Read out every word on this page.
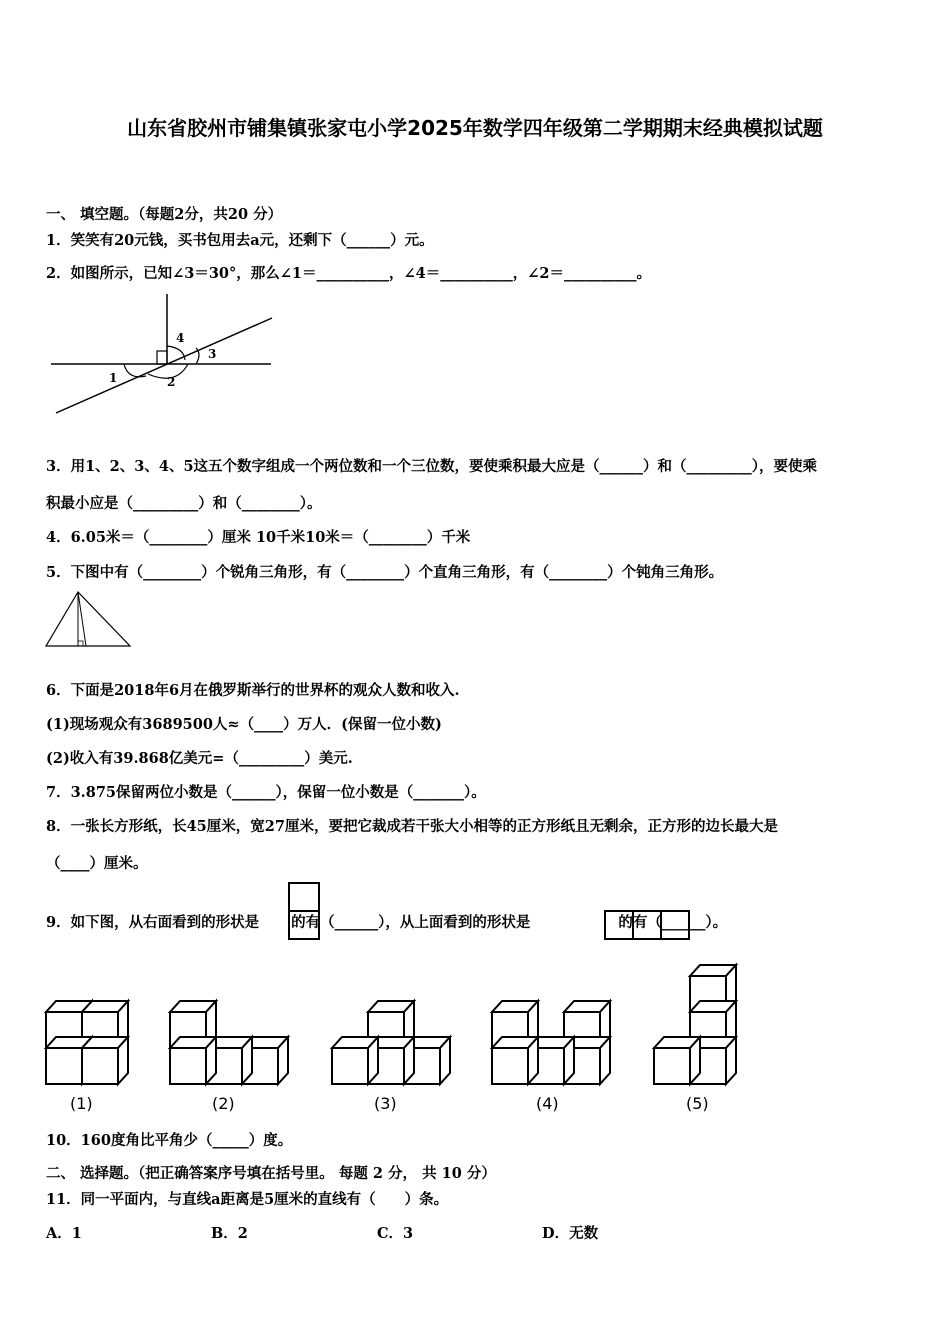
山东省胶州市铺集镇张家屯小学2025年数学四年级第二学期期末经典模拟试题
一、 填空题。（每题2分，共20 分）
1．笑笑有20元钱，买书包用去a元，还剩下（______）元。
2．如图所示，已知∠3＝30°，那么∠1＝__________，∠4＝__________，∠2＝__________。
4
3
1	2
3．用1、2、3、4、5这五个数字组成一个两位数和一个三位数，要使乘积最大应是（______）和（_________），要使乘
积最小应是（_________）和（________）。
4．6.05米＝（________）厘米 10千米10米＝（________）千米
5．下图中有（________）个锐角三角形，有（________）个直角三角形，有（________）个钝角三角形。
6．下面是2018年6月在俄罗斯举行的世界杯的观众人数和收入.
(1)现场观众有3689500人≈（____）万人．(保留一位小数)
(2)收入有39.868亿美元=（_________）美元.
7．3.875保留两位小数是（______），保留一位小数是（_______）。
8．一张长方形纸，长45厘米，宽27厘米，要把它裁成若干张大小相等的正方形纸且无剩余，正方形的边长最大是
（____）厘米。
9．如下图，从右面看到的形状是 的有（______），从上面看到的形状是	的有（______）。
(1)	(2)	(3)	(4)	(5)
10．160度角比平角少（_____）度。
二、 选择题。（把正确答案序号填在括号里。 每题 2 分， 共 10 分）
11．同一平面内，与直线a距离是5厘米的直线有（　　）条。
A．1	B．2	C．3	D．无数
